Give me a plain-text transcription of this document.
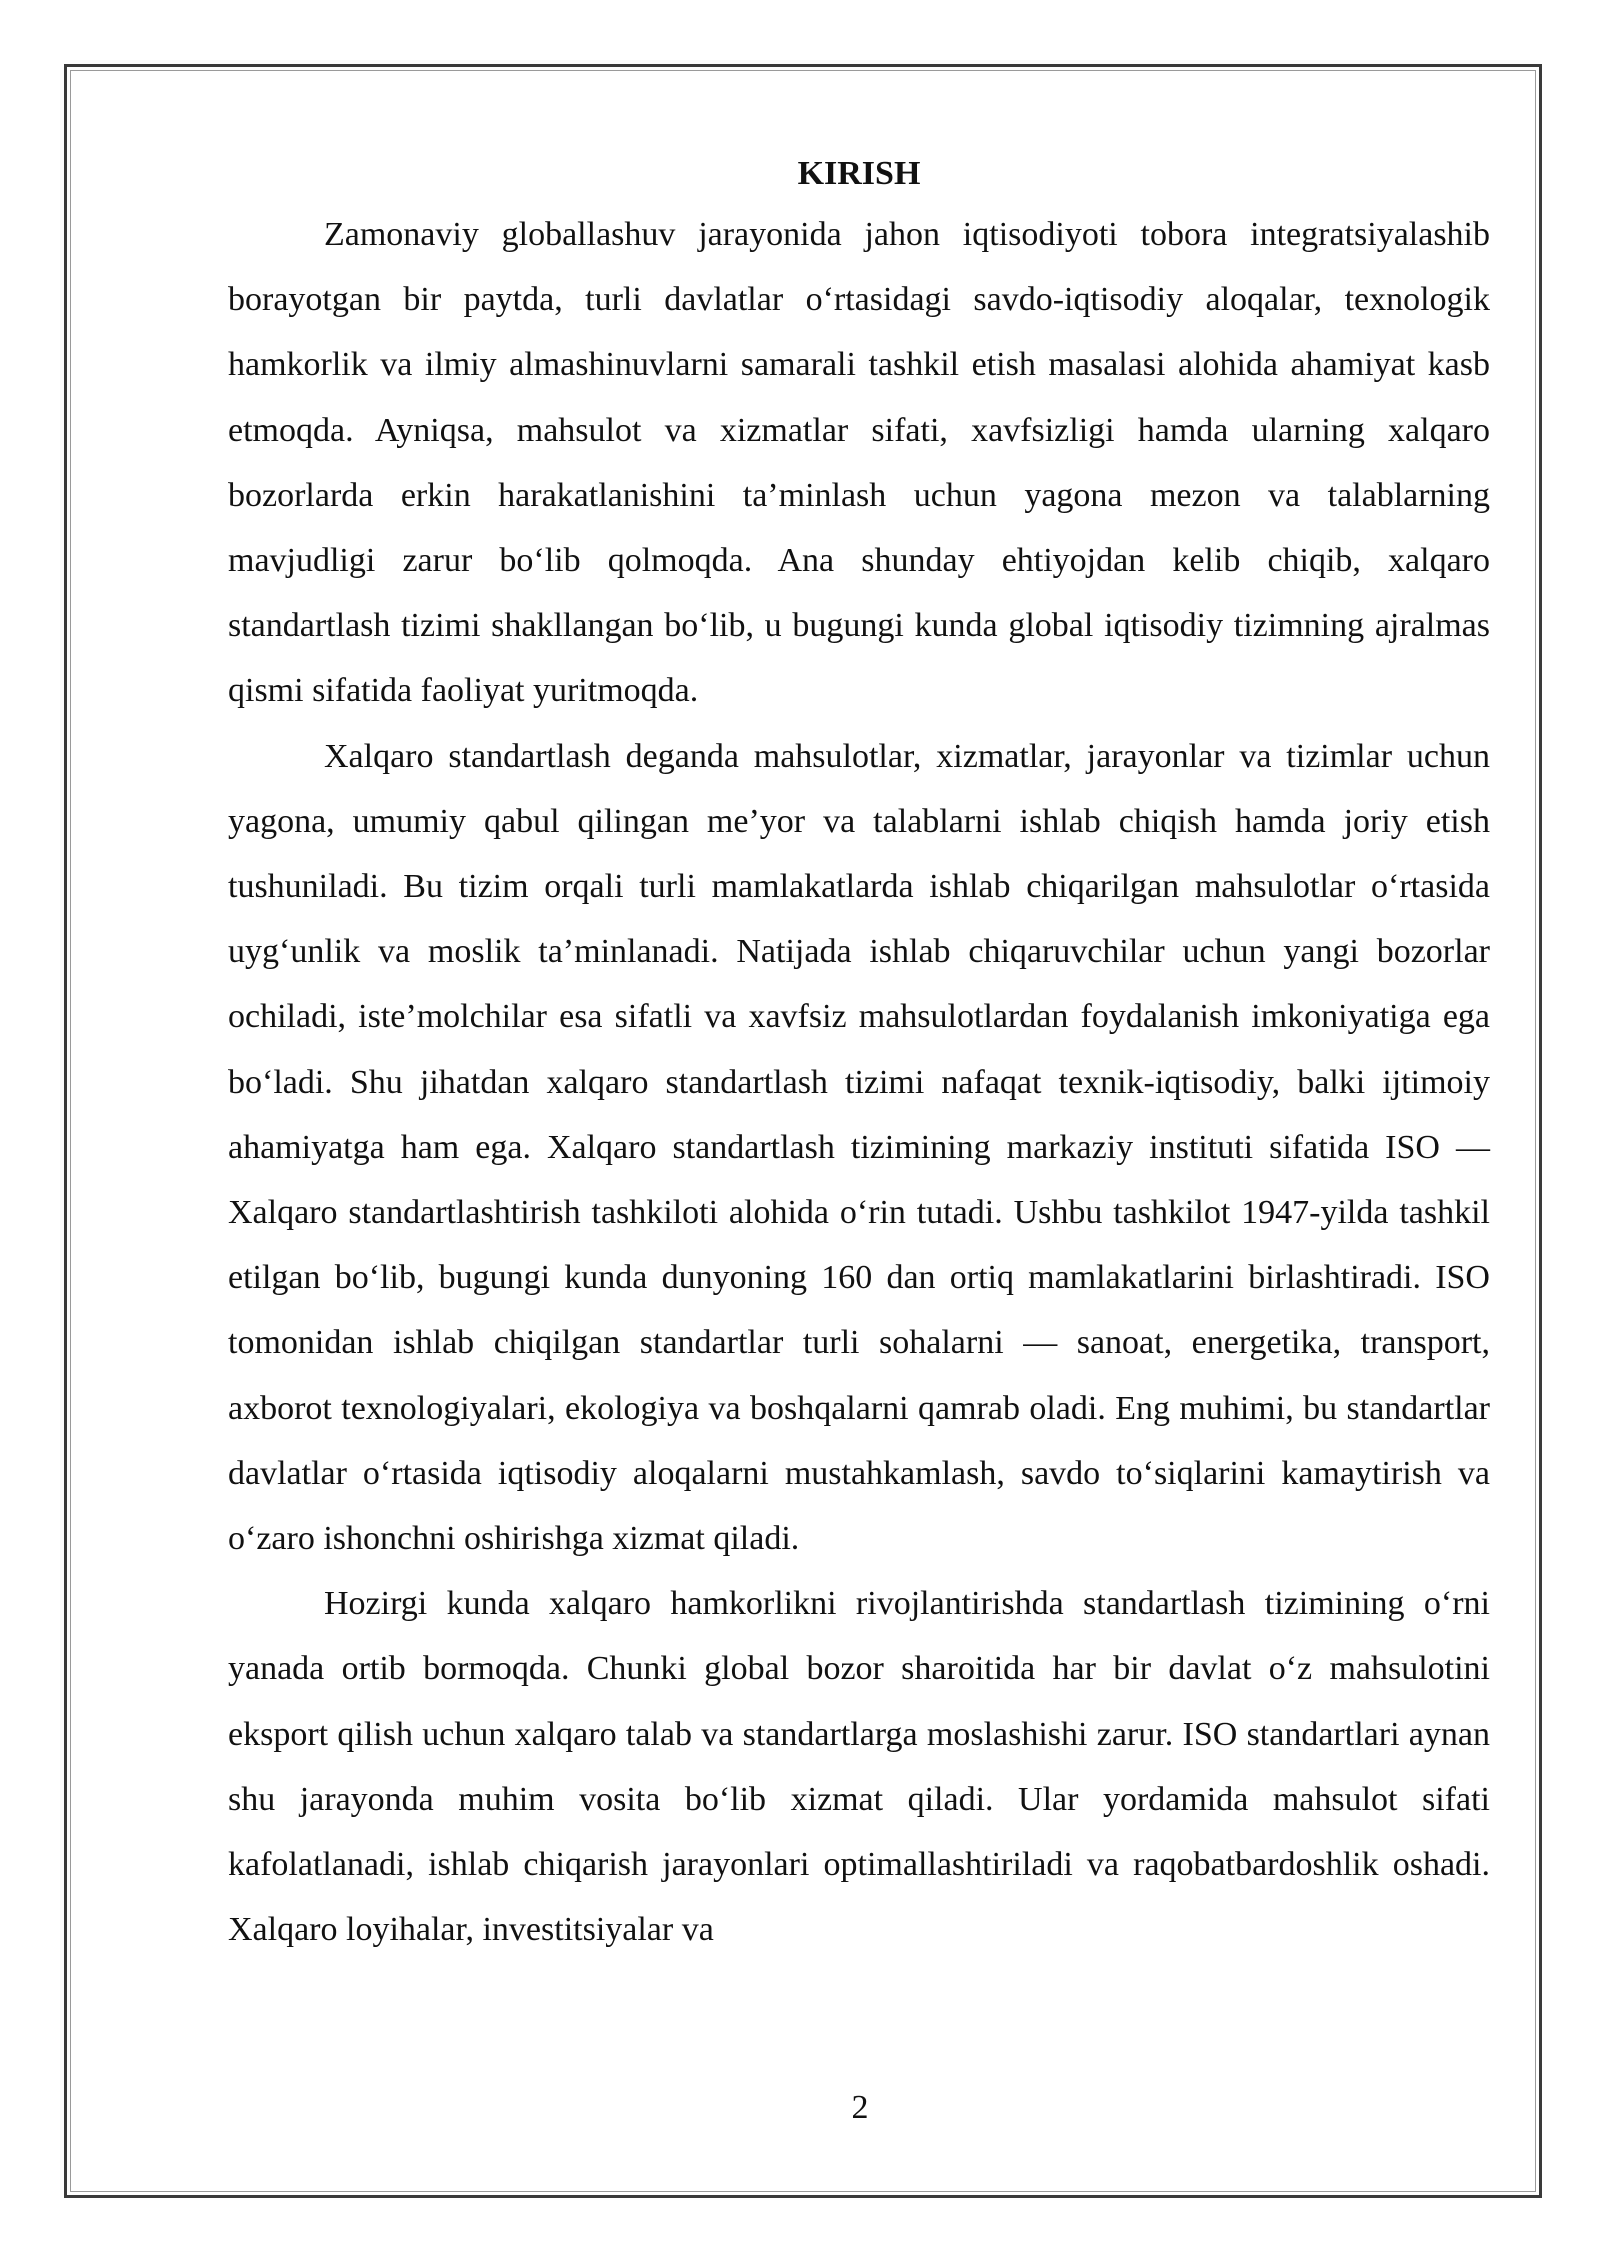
KIRISH

Zamonaviy globallashuv jarayonida jahon iqtisodiyoti tobora integratsiyalashib borayotgan bir paytda, turli davlatlar o‘rtasidagi savdo-iqtisodiy aloqalar, texnologik hamkorlik va ilmiy almashinuvlarni samarali tashkil etish masalasi alohida ahamiyat kasb etmoqda. Ayniqsa, mahsulot va xizmatlar sifati, xavfsizligi hamda ularning xalqaro bozorlarda erkin harakatlanishini ta’minlash uchun yagona mezon va talablarning mavjudligi zarur bo‘lib qolmoqda. Ana shunday ehtiyojdan kelib chiqib, xalqaro standartlash tizimi shakllangan bo‘lib, u bugungi kunda global iqtisodiy tizimning ajralmas qismi sifatida faoliyat yuritmoqda.

Xalqaro standartlash deganda mahsulotlar, xizmatlar, jarayonlar va tizimlar uchun yagona, umumiy qabul qilingan me’yor va talablarni ishlab chiqish hamda joriy etish tushuniladi. Bu tizim orqali turli mamlakatlarda ishlab chiqarilgan mahsulotlar o‘rtasida uyg‘unlik va moslik ta’minlanadi. Natijada ishlab chiqaruvchilar uchun yangi bozorlar ochiladi, iste’molchilar esa sifatli va xavfsiz mahsulotlardan foydalanish imkoniyatiga ega bo‘ladi. Shu jihatdan xalqaro standartlash tizimi nafaqat texnik-iqtisodiy, balki ijtimoiy ahamiyatga ham ega. Xalqaro standartlash tizimining markaziy instituti sifatida ISO — Xalqaro standartlashtirish tashkiloti alohida o‘rin tutadi. Ushbu tashkilot 1947-yilda tashkil etilgan bo‘lib, bugungi kunda dunyoning 160 dan ortiq mamlakatlarini birlashtiradi. ISO tomonidan ishlab chiqilgan standartlar turli sohalarni — sanoat, energetika, transport, axborot texnologiyalari, ekologiya va boshqalarni qamrab oladi. Eng muhimi, bu standartlar davlatlar o‘rtasida iqtisodiy aloqalarni mustahkamlash, savdo to‘siqlarini kamaytirish va o‘zaro ishonchni oshirishga xizmat qiladi.

Hozirgi kunda xalqaro hamkorlikni rivojlantirishda standartlash tizimining o‘rni yanada ortib bormoqda. Chunki global bozor sharoitida har bir davlat o‘z mahsulotini eksport qilish uchun xalqaro talab va standartlarga moslashishi zarur. ISO standartlari aynan shu jarayonda muhim vosita bo‘lib xizmat qiladi. Ular yordamida mahsulot sifati kafolatlanadi, ishlab chiqarish jarayonlari optimallashtiriladi va raqobatbardoshlik oshadi. Xalqaro loyihalar, investitsiyalar va

2
